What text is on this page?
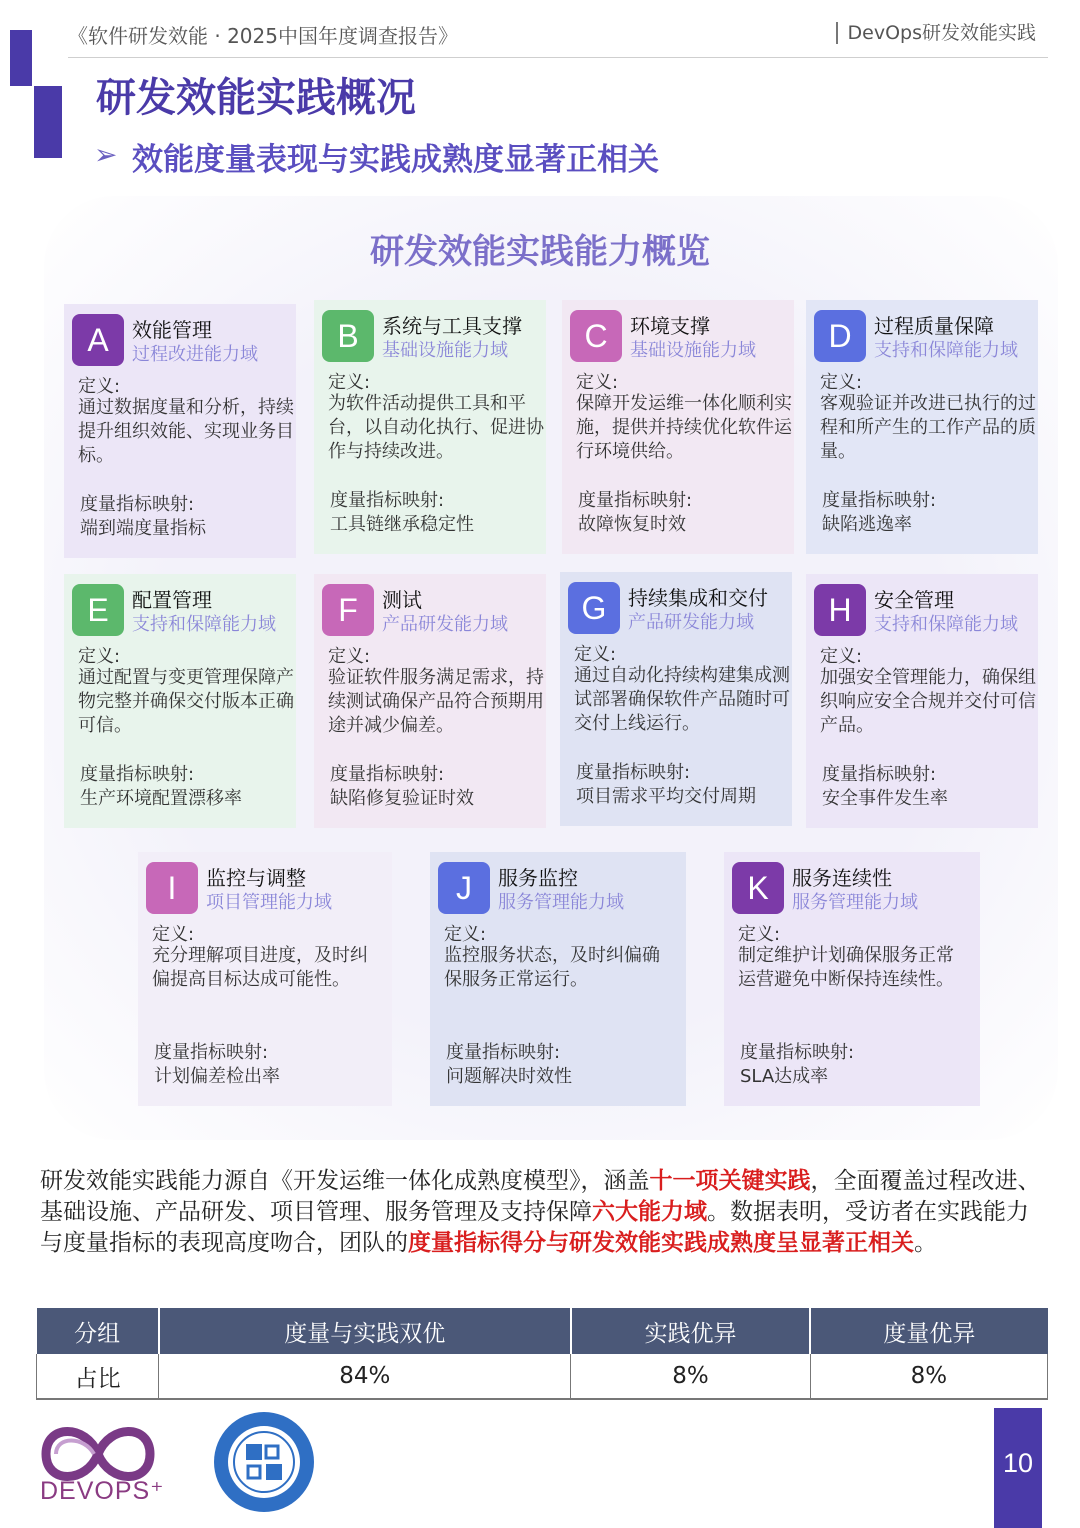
《软件研发效能 · 2025中国年度调查报告》	DevOps研发效能实践
研发效能实践概况
➢ 效能度量表现与实践成熟度显著正相关
研发效能实践能力概览
A	效能管理
过程改进能力域
定义:
通过数据度量和分析，持续提升组织效能、实现业务目标。
度量指标映射:
端到端度量指标
B	系统与工具支撑
基础设施能力域
定义:
为软件活动提供工具和平台，以自动化执行、促进协作与持续改进。
度量指标映射:
工具链继承稳定性
C	环境支撑
基础设施能力域
定义:
保障开发运维一体化顺利实施，提供并持续优化软件运行环境供给。
度量指标映射:
故障恢复时效
D	过程质量保障
支持和保障能力域
定义:
客观验证并改进已执行的过程和所产生的工作产品的质量。
度量指标映射:
缺陷逃逸率
E	配置管理
支持和保障能力域
定义:
通过配置与变更管理保障产物完整并确保交付版本正确可信。
度量指标映射:
生产环境配置漂移率
F	测试
产品研发能力域
定义:
验证软件服务满足需求，持续测试确保产品符合预期用途并减少偏差。
度量指标映射:
缺陷修复验证时效
G	持续集成和交付
产品研发能力域
定义:
通过自动化持续构建集成测试部署确保软件产品随时可交付上线运行。
度量指标映射:
项目需求平均交付周期
H	安全管理
支持和保障能力域
定义:
加强安全管理能力，确保组织响应安全合规并交付可信产品。
度量指标映射:
安全事件发生率
I	监控与调整
项目管理能力域
定义:
充分理解项目进度，及时纠偏提高目标达成可能性。
度量指标映射:
计划偏差检出率
J	服务监控
服务管理能力域
定义:
监控服务状态，及时纠偏确保服务正常运行。
度量指标映射:
问题解决时效性
K	服务连续性
服务管理能力域
定义:
制定维护计划确保服务正常运营避免中断保持连续性。
度量指标映射:
SLA达成率
研发效能实践能力源自《开发运维一体化成熟度模型》，涵盖十一项关键实践，全面覆盖过程改进、基础设施、产品研发、项目管理、服务管理及支持保障六大能力域。数据表明，受访者在实践能力与度量指标的表现高度吻合，团队的度量指标得分与研发效能实践成熟度呈显著正相关。
分组	度量与实践双优	实践优异	度量优异
占比	84%	8%	8%
DEVOPS⁺
10
